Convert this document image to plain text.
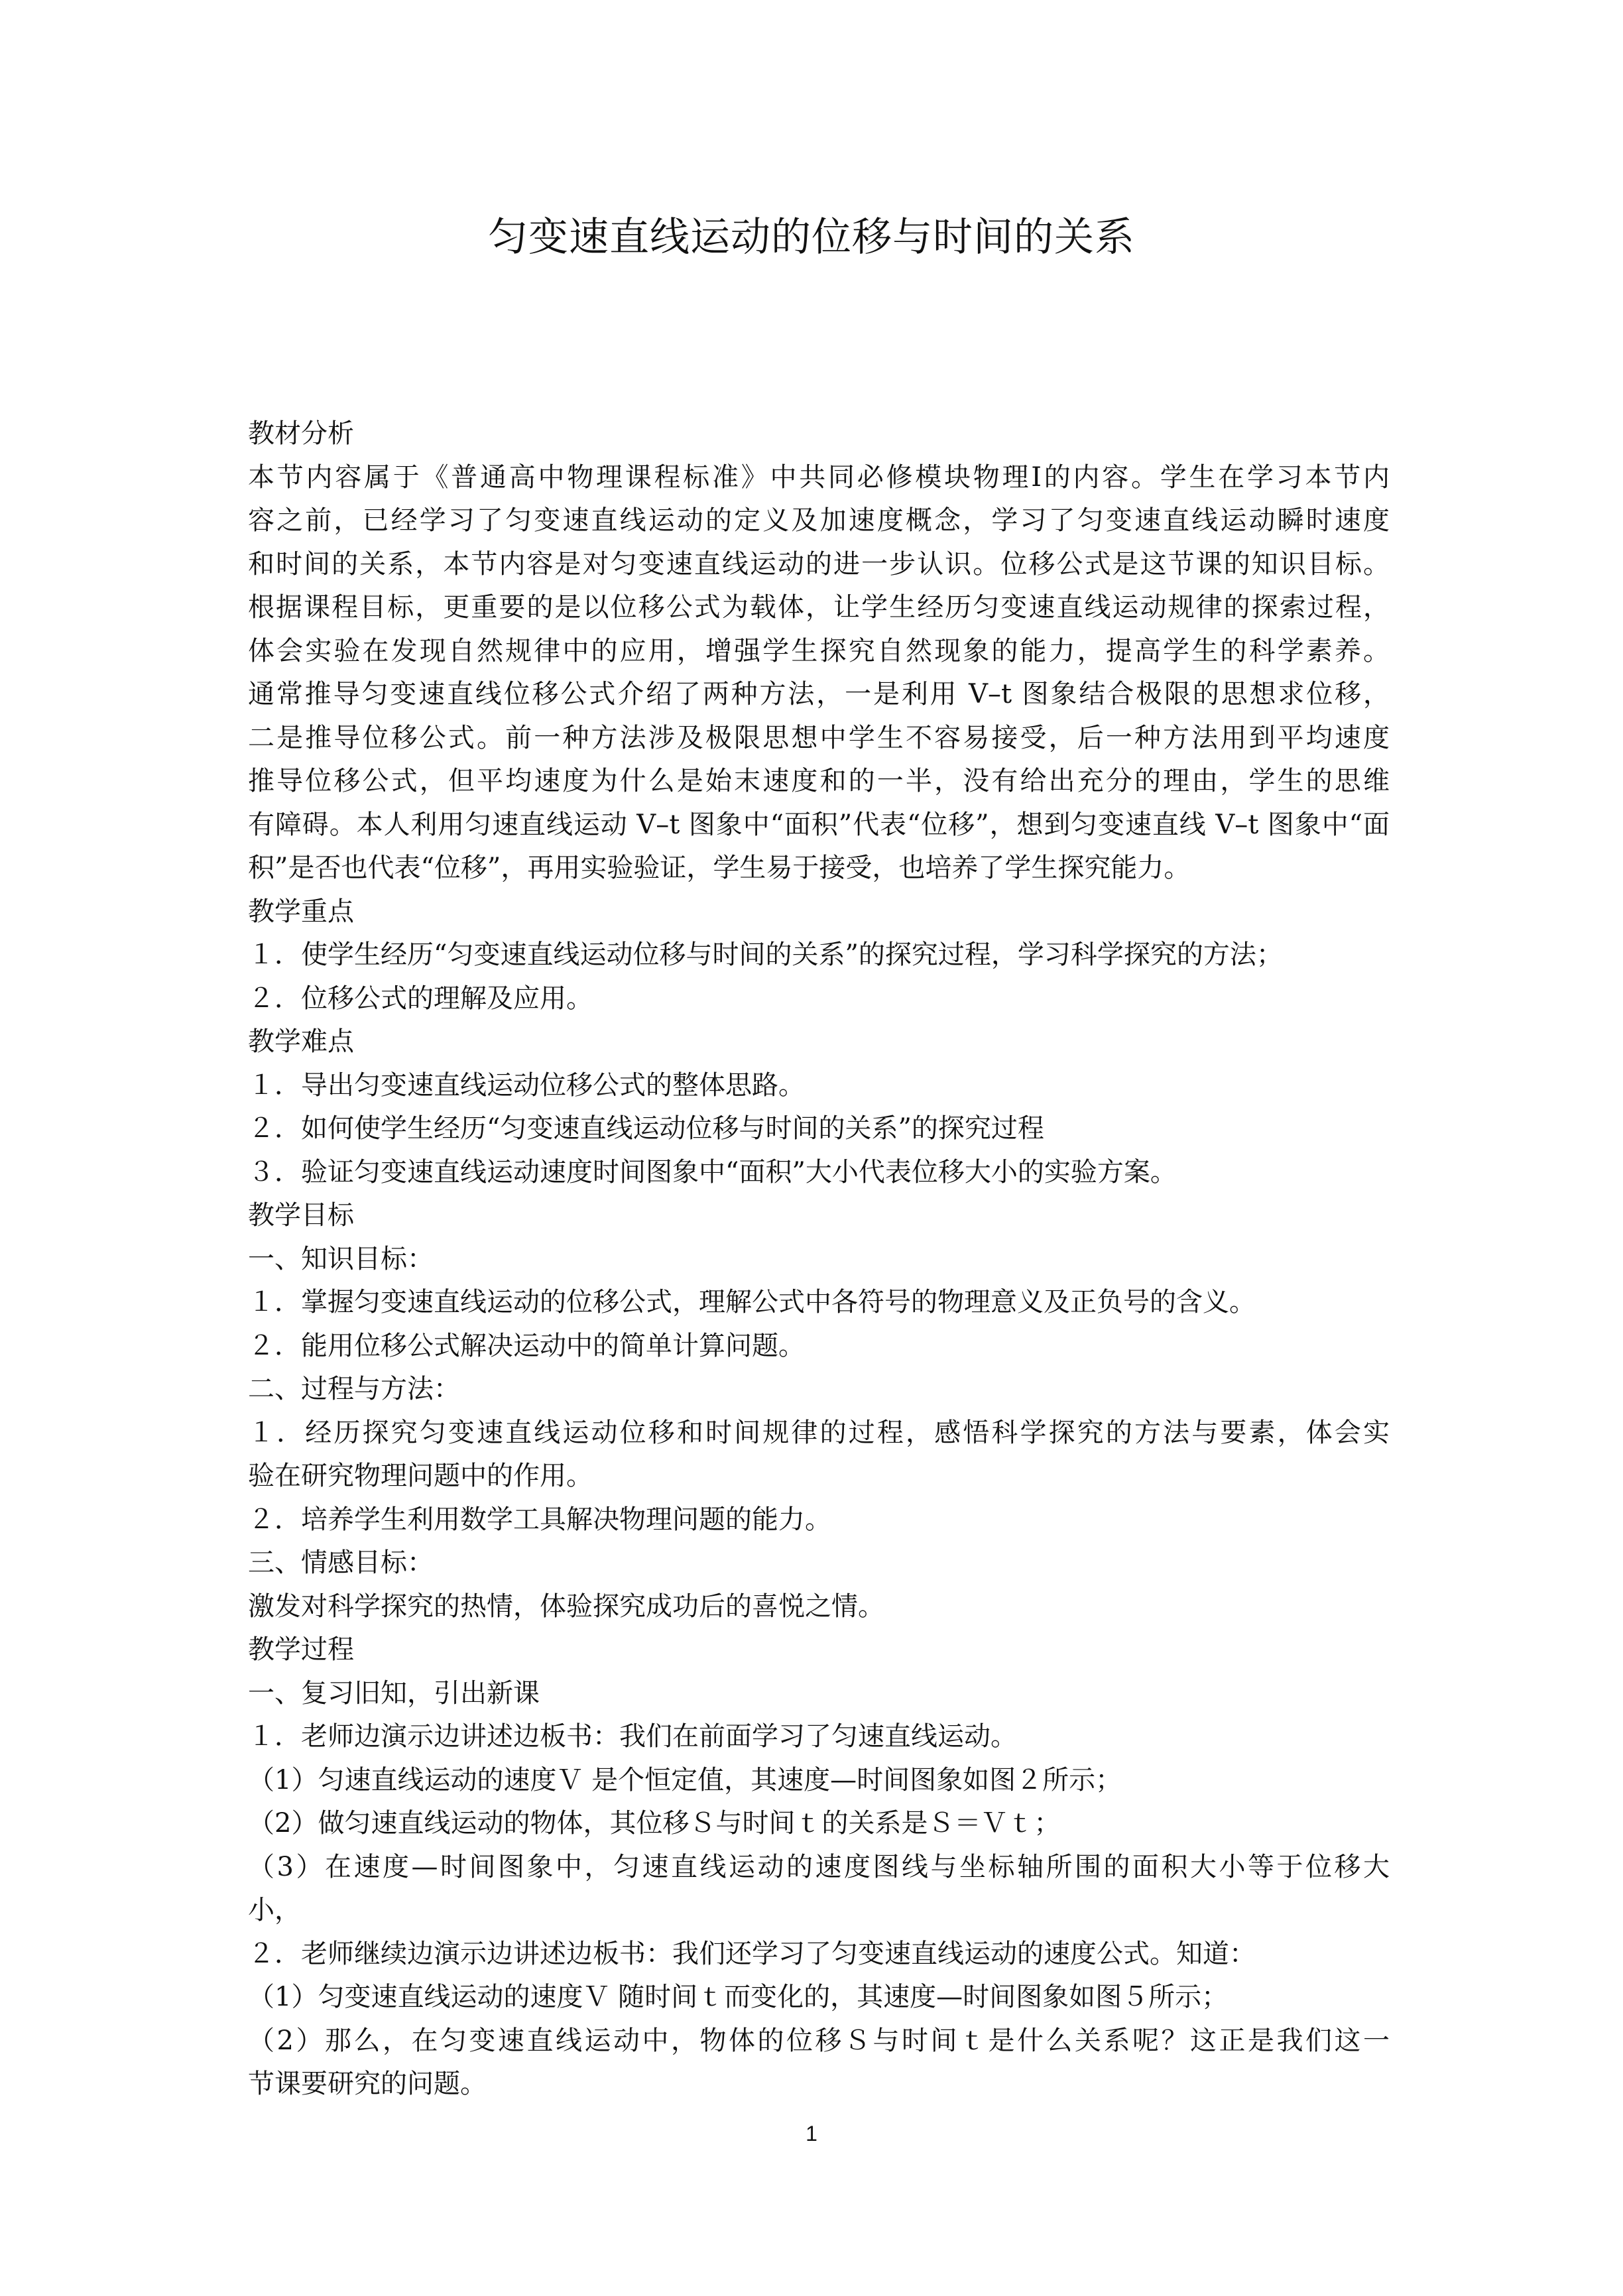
匀变速直线运动的位移与时间的关系

教材分析

本节内容属于《普通高中物理课程标准》中共同必修模块物理Ⅰ的内容。学生在学习本节内

容之前，已经学习了匀变速直线运动的定义及加速度概念，学习了匀变速直线运动瞬时速度

和时间的关系，本节内容是对匀变速直线运动的进一步认识。位移公式是这节课的知识目标。

根据课程目标，更重要的是以位移公式为载体，让学生经历匀变速直线运动规律的探索过程，

体会实验在发现自然规律中的应用，增强学生探究自然现象的能力，提高学生的科学素养。

通常推导匀变速直线位移公式介绍了两种方法，一是利用 V–t 图象结合极限的思想求位移，

二是推导位移公式。前一种方法涉及极限思想中学生不容易接受，后一种方法用到平均速度

推导位移公式，但平均速度为什么是始末速度和的一半，没有给出充分的理由，学生的思维

有障碍。本人利用匀速直线运动 V–t 图象中“面积”代表“位移”，想到匀变速直线 V–t 图象中“面

积”是否也代表“位移”，再用实验验证，学生易于接受，也培养了学生探究能力。

教学重点

１．使学生经历“匀变速直线运动位移与时间的关系”的探究过程，学习科学探究的方法；

２．位移公式的理解及应用。

教学难点

１．导出匀变速直线运动位移公式的整体思路。

２．如何使学生经历“匀变速直线运动位移与时间的关系”的探究过程

３．验证匀变速直线运动速度时间图象中“面积”大小代表位移大小的实验方案。

教学目标

一、知识目标：

１．掌握匀变速直线运动的位移公式，理解公式中各符号的物理意义及正负号的含义。

２．能用位移公式解决运动中的简单计算问题。

二、过程与方法：

１．经历探究匀变速直线运动位移和时间规律的过程，感悟科学探究的方法与要素，体会实

验在研究物理问题中的作用。

２．培养学生利用数学工具解决物理问题的能力。

三、情感目标：

激发对科学探究的热情，体验探究成功后的喜悦之情。

教学过程

一、复习旧知，引出新课

１．老师边演示边讲述边板书：我们在前面学习了匀速直线运动。

（1）匀速直线运动的速度Ｖ 是个恒定值，其速度—时间图象如图２所示；

（2）做匀速直线运动的物体，其位移Ｓ与时间ｔ的关系是Ｓ＝Ｖｔ；

（3）在速度—时间图象中，匀速直线运动的速度图线与坐标轴所围的面积大小等于位移大

小，

２．老师继续边演示边讲述边板书：我们还学习了匀变速直线运动的速度公式。知道：

（1）匀变速直线运动的速度Ｖ 随时间ｔ而变化的，其速度—时间图象如图５所示；

（2）那么，在匀变速直线运动中，物体的位移Ｓ与时间ｔ是什么关系呢？这正是我们这一

节课要研究的问题。

1
